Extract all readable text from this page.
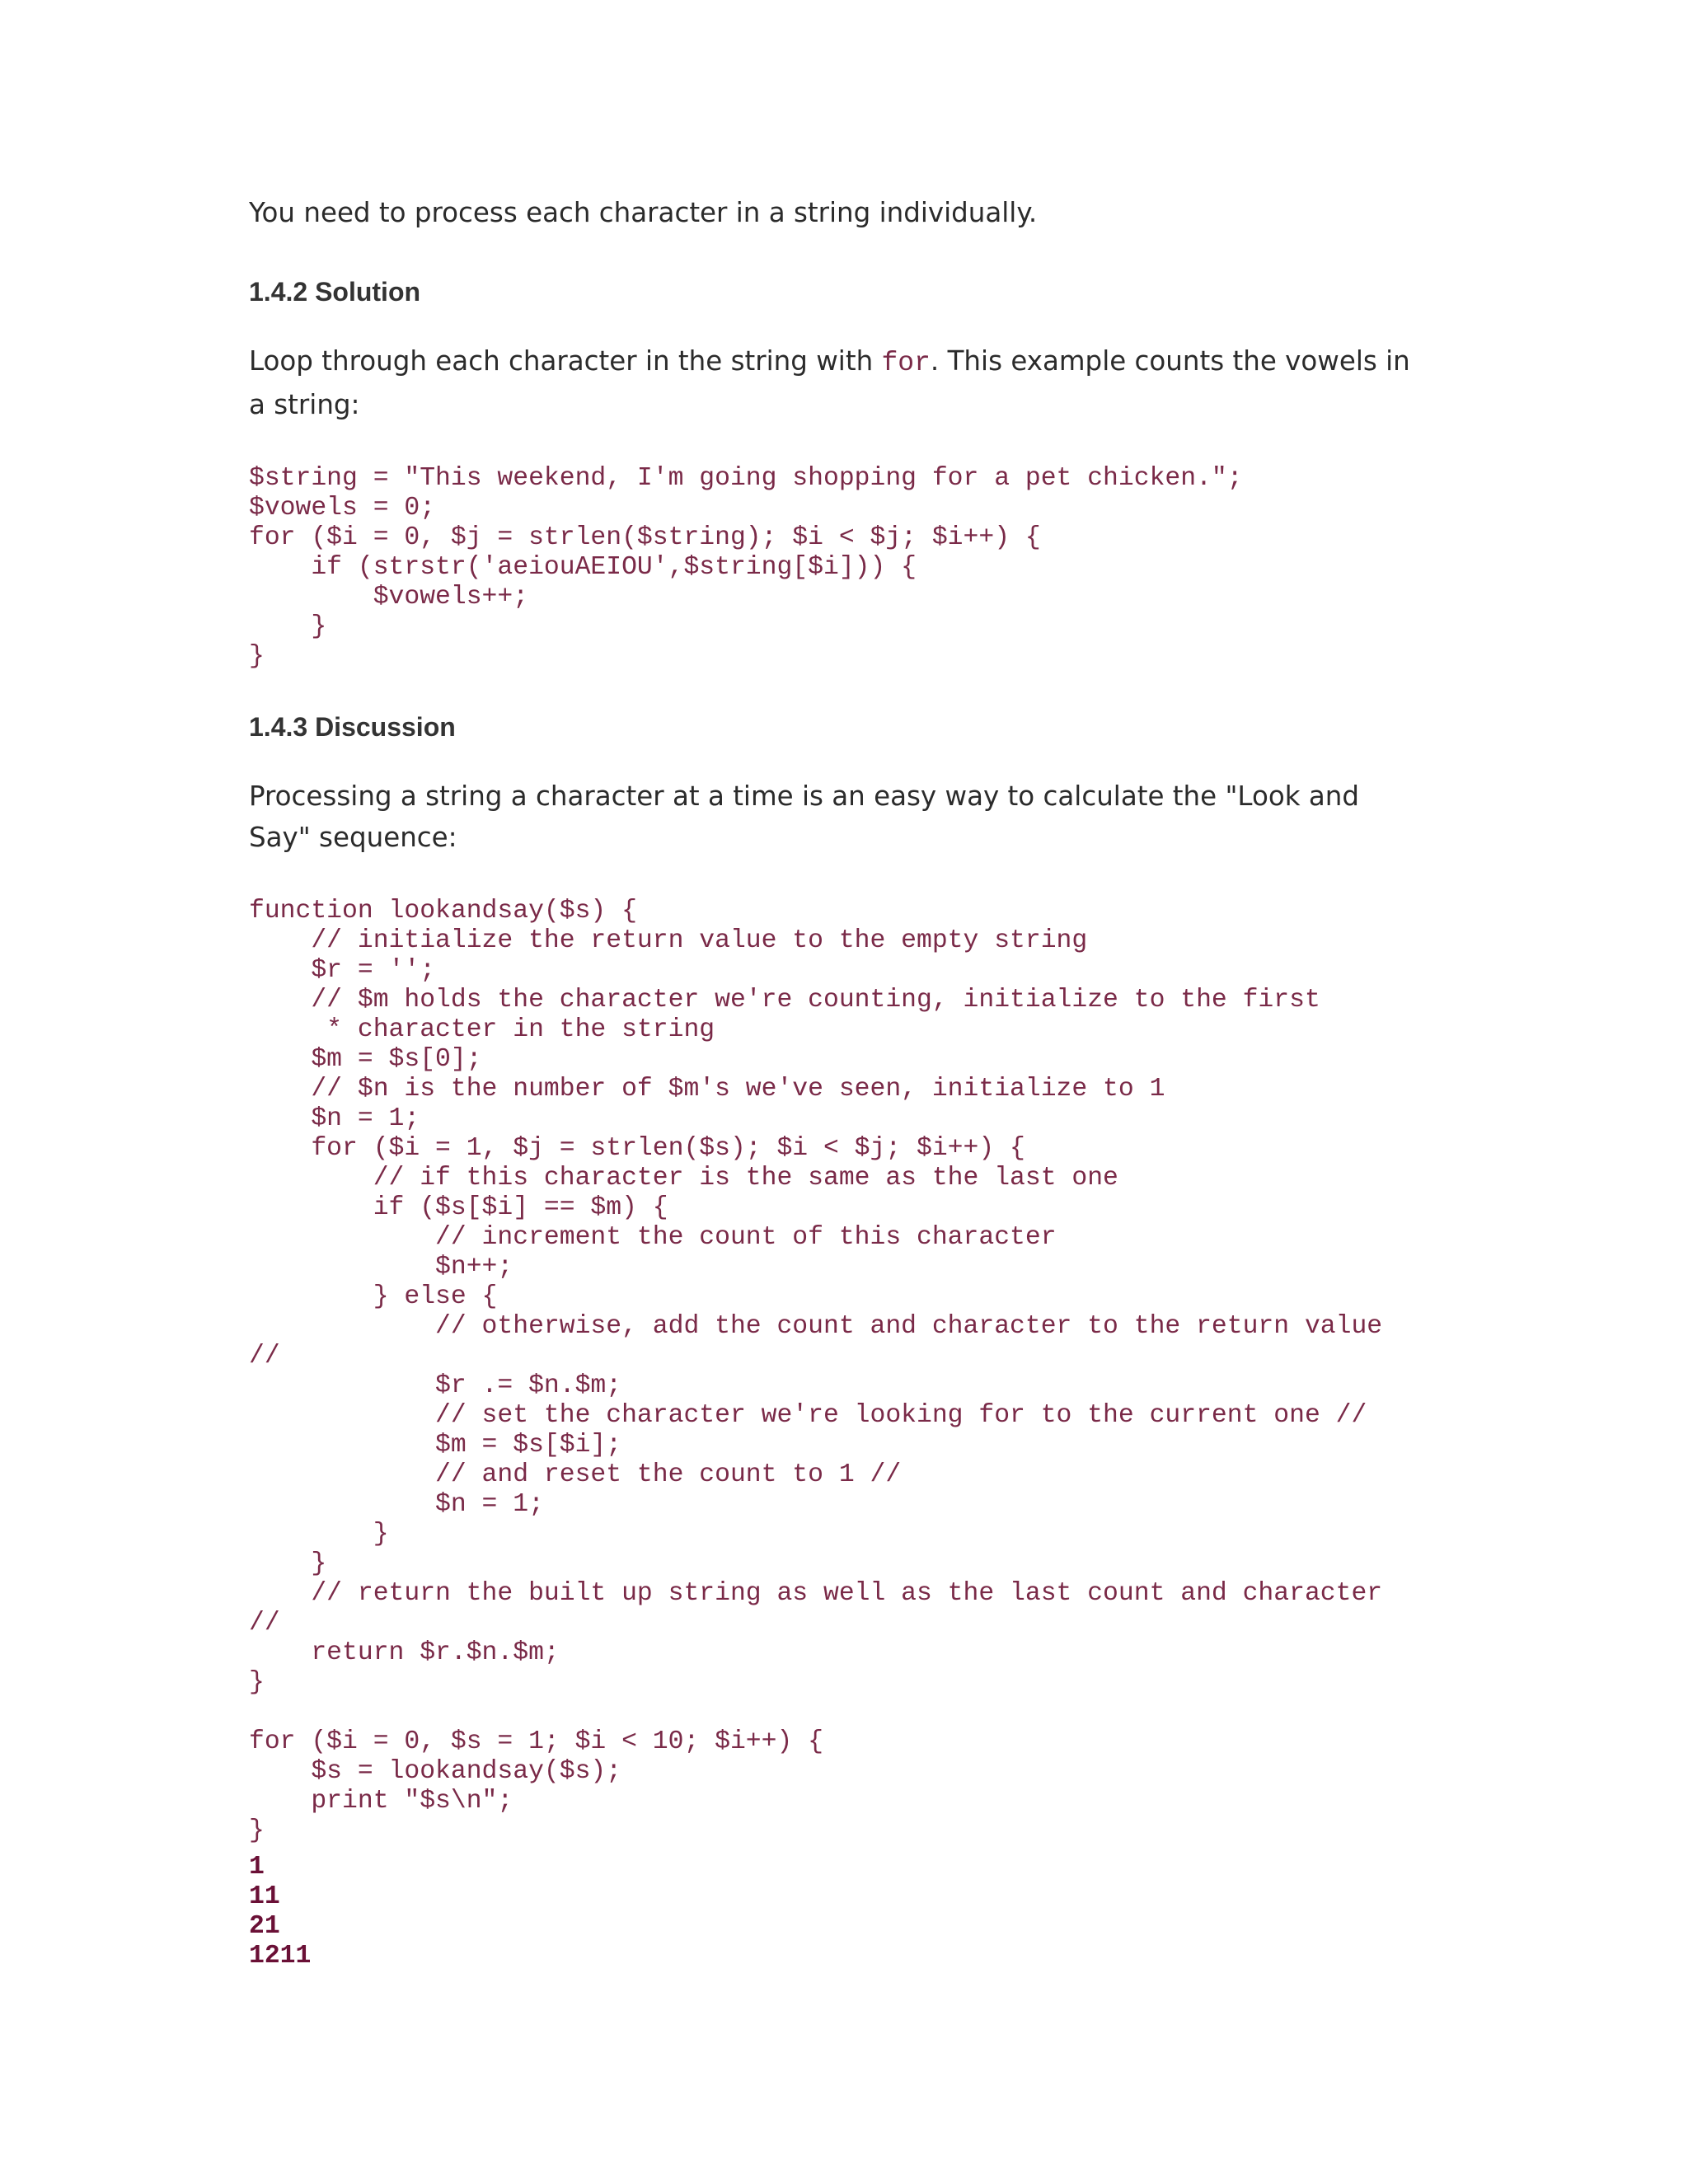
You need to process each character in a string individually.

1.4.2 Solution

Loop through each character in the string with for. This example counts the vowels in a string:

$string = "This weekend, I'm going shopping for a pet chicken.";
$vowels = 0;
for ($i = 0, $j = strlen($string); $i < $j; $i++) {
if (strstr('aeiouAEIOU',$string[$i])) {
$vowels++;
}
}
1.4.3 Discussion

Processing a string a character at a time is an easy way to calculate the "Look and Say" sequence:

function lookandsay($s) {
// initialize the return value to the empty string
$r = '';
// $m holds the character we're counting, initialize to the first
* character in the string
$m = $s[0];
// $n is the number of $m's we've seen, initialize to 1
$n = 1;
for ($i = 1, $j = strlen($s); $i < $j; $i++) {
// if this character is the same as the last one
if ($s[$i] == $m) {
// increment the count of this character
$n++;
} else {
// otherwise, add the count and character to the return value
//
$r .= $n.$m;
// set the character we're looking for to the current one //
$m = $s[$i];
// and reset the count to 1 //
$n = 1;
}
}
// return the built up string as well as the last count and character
//
return $r.$n.$m;
}

for ($i = 0, $s = 1; $i < 10; $i++) {
$s = lookandsay($s);
print "$s\n";
}
1
11
21
1211
